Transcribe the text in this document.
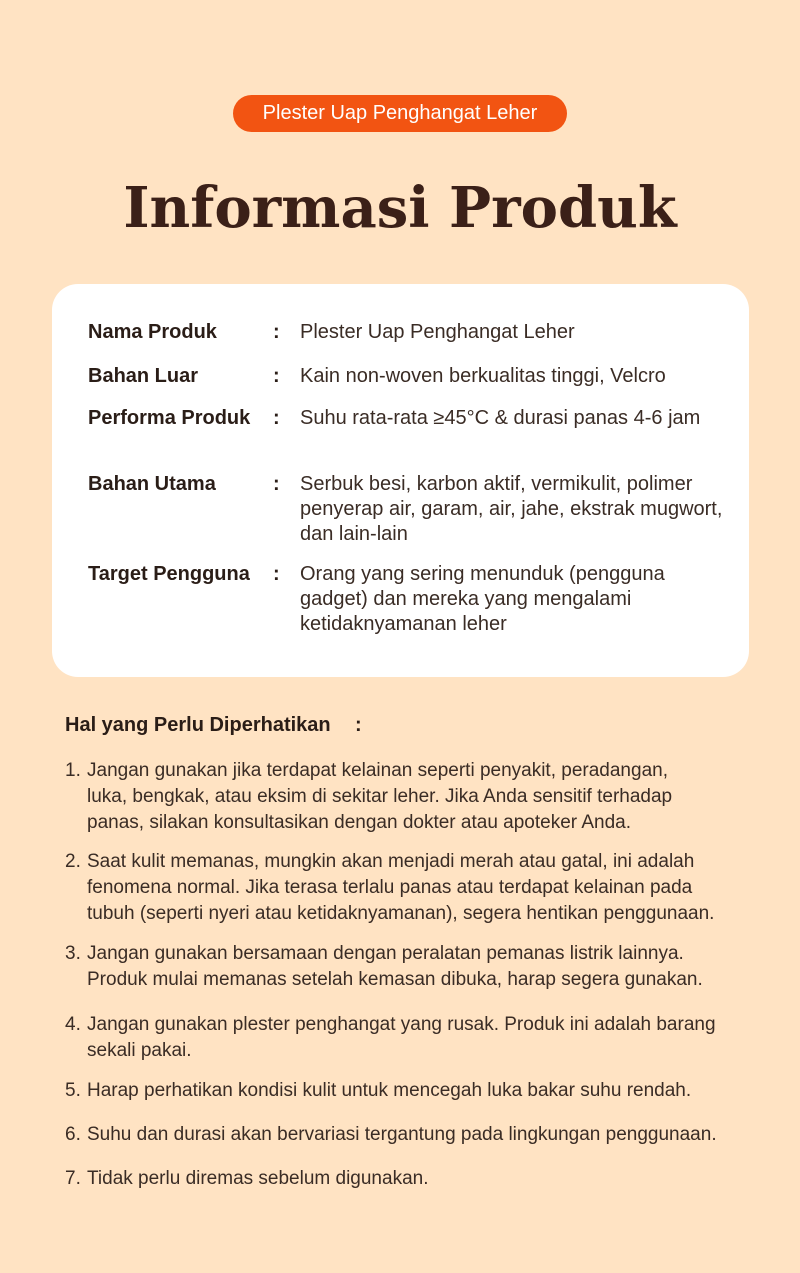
Plester Uap Penghangat Leher
Informasi Produk
Nama Produk	: Plester Uap Penghangat Leher
Bahan Luar	: Kain non-woven berkualitas tinggi, Velcro
Performa Produk : Suhu rata-rata ≥45°C & durasi panas 4-6 jam
Bahan Utama	: Serbuk besi, karbon aktif, vermikulit, polimer
penyerap air, garam, air, jahe, ekstrak mugwort,
dan lain-lain
Target Pengguna : Orang yang sering menunduk (pengguna
gadget) dan mereka yang mengalami
ketidaknyamanan leher
Hal yang Perlu Diperhatikan :
1. Jangan gunakan jika terdapat kelainan seperti penyakit, peradangan,
luka, bengkak, atau eksim di sekitar leher. Jika Anda sensitif terhadap
panas, silakan konsultasikan dengan dokter atau apoteker Anda.
2. Saat kulit memanas, mungkin akan menjadi merah atau gatal, ini adalah
fenomena normal. Jika terasa terlalu panas atau terdapat kelainan pada
tubuh (seperti nyeri atau ketidaknyamanan), segera hentikan penggunaan.
3. Jangan gunakan bersamaan dengan peralatan pemanas listrik lainnya.
Produk mulai memanas setelah kemasan dibuka, harap segera gunakan.
4. Jangan gunakan plester penghangat yang rusak. Produk ini adalah barang
sekali pakai.
5. Harap perhatikan kondisi kulit untuk mencegah luka bakar suhu rendah.
6. Suhu dan durasi akan bervariasi tergantung pada lingkungan penggunaan.
7. Tidak perlu diremas sebelum digunakan.
